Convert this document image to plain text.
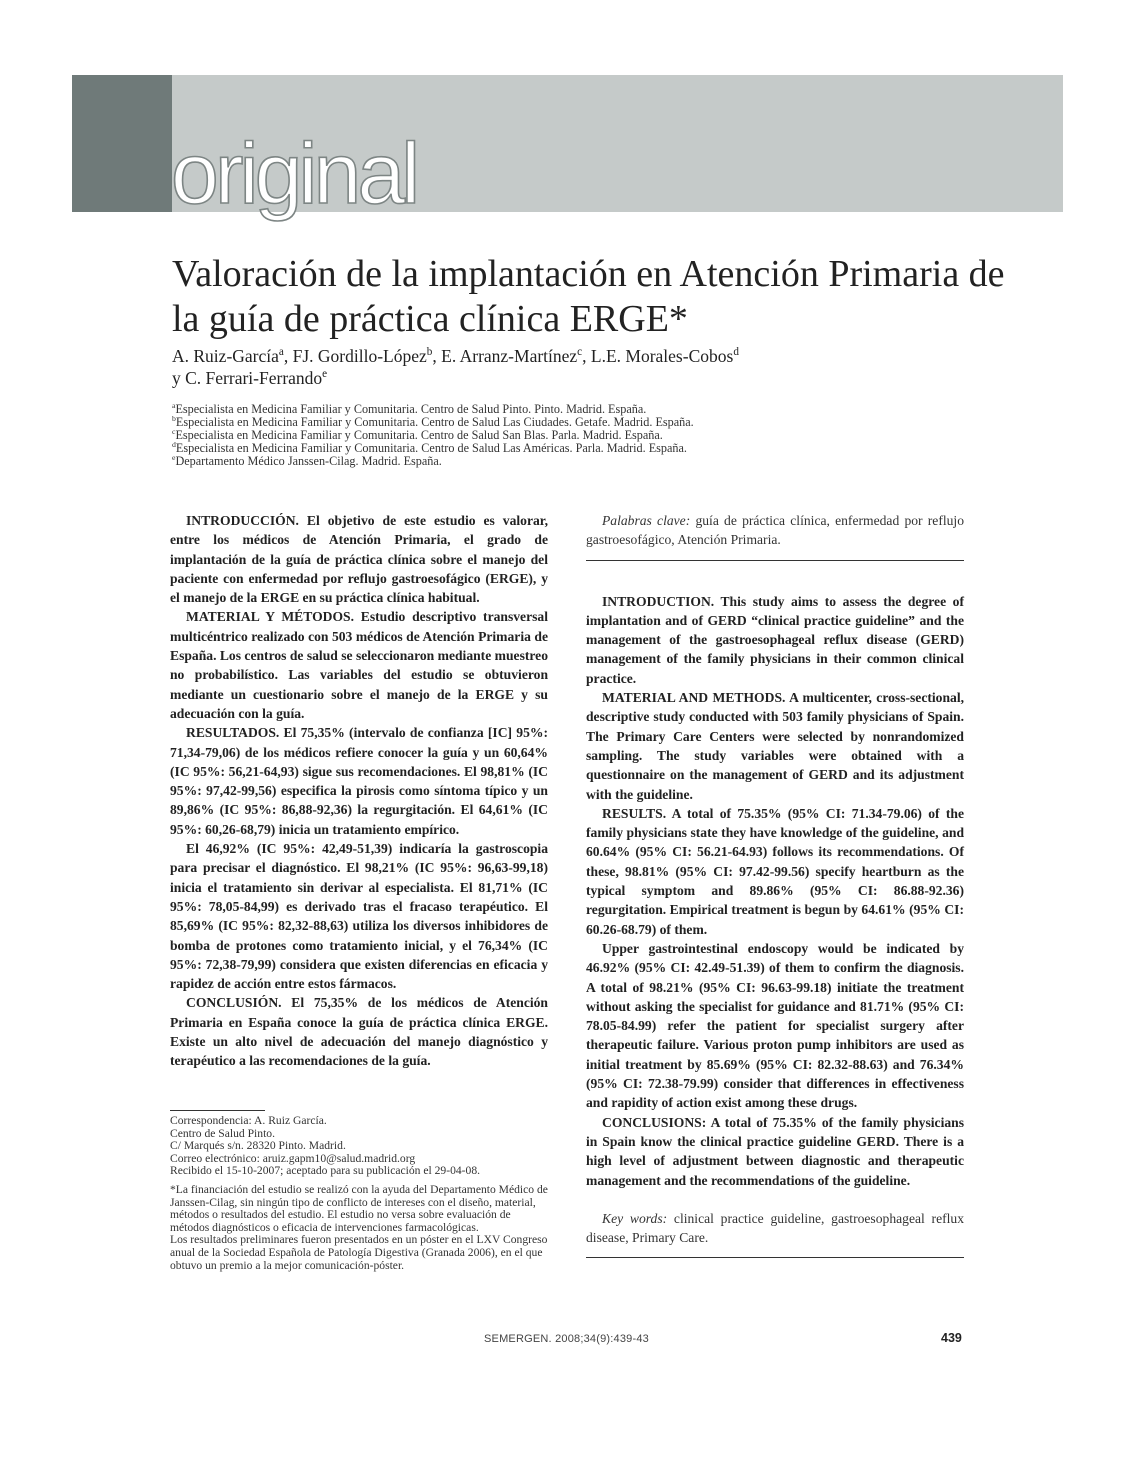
original
Valoración de la implantación en Atención Primaria de la guía de práctica clínica ERGE*

A. Ruiz-García$^a$, FJ. Gordillo-López$^b$, E. Arranz-Martínez$^c$, L.E. Morales-Cobos$^d$
y C. Ferrari-Ferrando$^e$

$^a$Especialista en Medicina Familiar y Comunitaria. Centro de Salud Pinto. Pinto. Madrid. España.
$^b$Especialista en Medicina Familiar y Comunitaria. Centro de Salud Las Ciudades. Getafe. Madrid. España.
$^c$Especialista en Medicina Familiar y Comunitaria. Centro de Salud San Blas. Parla. Madrid. España.
$^d$Especialista en Medicina Familiar y Comunitaria. Centro de Salud Las Américas. Parla. Madrid. España.
$^e$Departamento Médico Janssen-Cilag. Madrid. España.

INTRODUCCIÓN. El objetivo de este estudio es valorar, entre los médicos de Atención Primaria, el grado de implantación de la guía de práctica clínica sobre el manejo del paciente con enfermedad por reflujo gastroesofágico (ERGE), y el manejo de la ERGE en su práctica clínica habitual.

MATERIAL Y MÉTODOS. Estudio descriptivo transversal multicéntrico realizado con 503 médicos de Atención Primaria de España. Los centros de salud se seleccionaron mediante muestreo no probabilístico. Las variables del estudio se obtuvieron mediante un cuestionario sobre el manejo de la ERGE y su adecuación con la guía.

RESULTADOS. El 75,35% (intervalo de confianza [IC] 95%: 71,34-79,06) de los médicos refiere conocer la guía y un 60,64% (IC 95%: 56,21-64,93) sigue sus recomendaciones. El 98,81% (IC 95%: 97,42-99,56) especifica la pirosis como síntoma típico y un 89,86% (IC 95%: 86,88-92,36) la regurgitación. El 64,61% (IC 95%: 60,26-68,79) inicia un tratamiento empírico.

El 46,92% (IC 95%: 42,49-51,39) indicaría la gastroscopia para precisar el diagnóstico. El 98,21% (IC 95%: 96,63-99,18) inicia el tratamiento sin derivar al especialista. El 81,71% (IC 95%: 78,05-84,99) es derivado tras el fracaso terapéutico. El 85,69% (IC 95%: 82,32-88,63) utiliza los diversos inhibidores de bomba de protones como tratamiento inicial, y el 76,34% (IC 95%: 72,38-79,99) considera que existen diferencias en eficacia y rapidez de acción entre estos fármacos.

CONCLUSIÓN. El 75,35% de los médicos de Atención Primaria en España conoce la guía de práctica clínica ERGE. Existe un alto nivel de adecuación del manejo diagnóstico y terapéutico a las recomendaciones de la guía.

Correspondencia: A. Ruiz García.
Centro de Salud Pinto.
C/ Marqués s/n. 28320 Pinto. Madrid.
Correo electrónico: aruiz.gapm10@salud.madrid.org
Recibido el 15-10-2007; aceptado para su publicación el 29-04-08.
*La financiación del estudio se realizó con la ayuda del Departamento Médico de Janssen-Cilag, sin ningún tipo de conflicto de intereses con el diseño, material, métodos o resultados del estudio. El estudio no versa sobre evaluación de métodos diagnósticos o eficacia de intervenciones farmacológicas.
Los resultados preliminares fueron presentados en un póster en el LXV Congreso anual de la Sociedad Española de Patología Digestiva (Granada 2006), en el que obtuvo un premio a la mejor comunicación-póster.

Palabras clave: guía de práctica clínica, enfermedad por reflujo gastroesofágico, Atención Primaria.

INTRODUCTION. This study aims to assess the degree of implantation and of GERD “clinical practice guideline” and the management of the gastroesophageal reflux disease (GERD) management of the family physicians in their common clinical practice.

MATERIAL AND METHODS. A multicenter, cross-sectional, descriptive study conducted with 503 family physicians of Spain. The Primary Care Centers were selected by nonrandomized sampling. The study variables were obtained with a questionnaire on the management of GERD and its adjustment with the guideline.

RESULTS. A total of 75.35% (95% CI: 71.34-79.06) of the family physicians state they have knowledge of the guideline, and 60.64% (95% CI: 56.21-64.93) follows its recommendations. Of these, 98.81% (95% CI: 97.42-99.56) specify heartburn as the typical symptom and 89.86% (95% CI: 86.88-92.36) regurgitation. Empirical treatment is begun by 64.61% (95% CI: 60.26-68.79) of them.

Upper gastrointestinal endoscopy would be indicated by 46.92% (95% CI: 42.49-51.39) of them to confirm the diagnosis. A total of 98.21% (95% CI: 96.63-99.18) initiate the treatment without asking the specialist for guidance and 81.71% (95% CI: 78.05-84.99) refer the patient for specialist surgery after therapeutic failure. Various proton pump inhibitors are used as initial treatment by 85.69% (95% CI: 82.32-88.63) and 76.34% (95% CI: 72.38-79.99) consider that differences in effectiveness and rapidity of action exist among these drugs.

CONCLUSIONS: A total of 75.35% of the family physicians in Spain know the clinical practice guideline GERD. There is a high level of adjustment between diagnostic and therapeutic management and the recommendations of the guideline.

Key words: clinical practice guideline, gastroesophageal reflux disease, Primary Care.

SEMERGEN. 2008;34(9):439-43	439
